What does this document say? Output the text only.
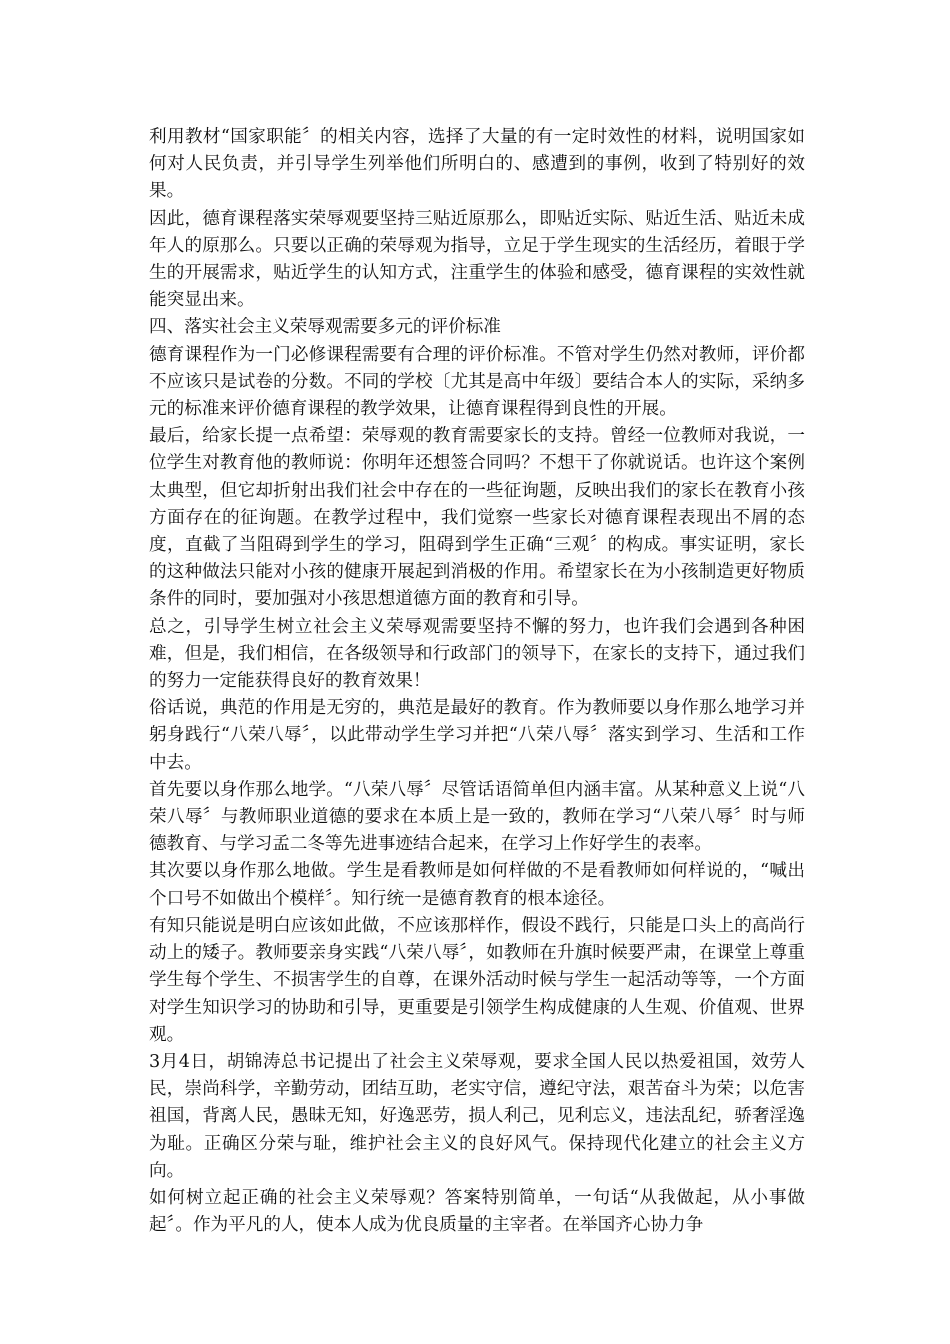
利用教材“国家职能〞的相关内容，选择了大量的有一定时效性的材料，说明国家如何对人民负责，并引导学生列举他们所明白的、感遭到的事例，收到了特别好的效果。

因此，德育课程落实荣辱观要坚持三贴近原那么，即贴近实际、贴近生活、贴近未成年人的原那么。只要以正确的荣辱观为指导，立足于学生现实的生活经历，着眼于学生的开展需求，贴近学生的认知方式，注重学生的体验和感受，德育课程的实效性就能突显出来。

四、落实社会主义荣辱观需要多元的评价标准

德育课程作为一门必修课程需要有合理的评价标准。不管对学生仍然对教师，评价都不应该只是试卷的分数。不同的学校〔尤其是高中年级〕要结合本人的实际，采纳多元的标准来评价德育课程的教学效果，让德育课程得到良性的开展。

最后，给家长提一点希望：荣辱观的教育需要家长的支持。曾经一位教师对我说，一位学生对教育他的教师说：你明年还想签合同吗？不想干了你就说话。也许这个案例太典型，但它却折射出我们社会中存在的一些征询题，反映出我们的家长在教育小孩方面存在的征询题。在教学过程中，我们觉察一些家长对德育课程表现出不屑的态度，直截了当阻碍到学生的学习，阻碍到学生正确“三观〞的构成。事实证明，家长的这种做法只能对小孩的健康开展起到消极的作用。希望家长在为小孩制造更好物质条件的同时，要加强对小孩思想道德方面的教育和引导。

总之，引导学生树立社会主义荣辱观需要坚持不懈的努力，也许我们会遇到各种困难，但是，我们相信，在各级领导和行政部门的领导下，在家长的支持下，通过我们的努力一定能获得良好的教育效果！

俗话说，典范的作用是无穷的，典范是最好的教育。作为教师要以身作那么地学习并躬身践行“八荣八辱〞，以此带动学生学习并把“八荣八辱〞落实到学习、生活和工作中去。

首先要以身作那么地学。“八荣八辱〞尽管话语简单但内涵丰富。从某种意义上说“八荣八辱〞与教师职业道德的要求在本质上是一致的，教师在学习“八荣八辱〞时与师德教育、与学习孟二冬等先进事迹结合起来，在学习上作好学生的表率。

其次要以身作那么地做。学生是看教师是如何样做的不是看教师如何样说的，“喊出个口号不如做出个模样〞。知行统一是德育教育的根本途径。

有知只能说是明白应该如此做，不应该那样作，假设不践行，只能是口头上的高尚行动上的矮子。教师要亲身实践“八荣八辱〞，如教师在升旗时候要严肃，在课堂上尊重学生每个学生、不损害学生的自尊，在课外活动时候与学生一起活动等等，一个方面对学生知识学习的协助和引导，更重要是引领学生构成健康的人生观、价值观、世界观。

3月4日，胡锦涛总书记提出了社会主义荣辱观，要求全国人民以热爱祖国，效劳人民，崇尚科学，辛勤劳动，团结互助，老实守信，遵纪守法，艰苦奋斗为荣；以危害祖国，背离人民，愚昧无知，好逸恶劳，损人利己，见利忘义，违法乱纪，骄奢淫逸为耻。正确区分荣与耻，维护社会主义的良好风气。保持现代化建立的社会主义方向。

如何树立起正确的社会主义荣辱观？答案特别简单，一句话“从我做起，从小事做起〞。作为平凡的人，使本人成为优良质量的主宰者。在举国齐心协力争
